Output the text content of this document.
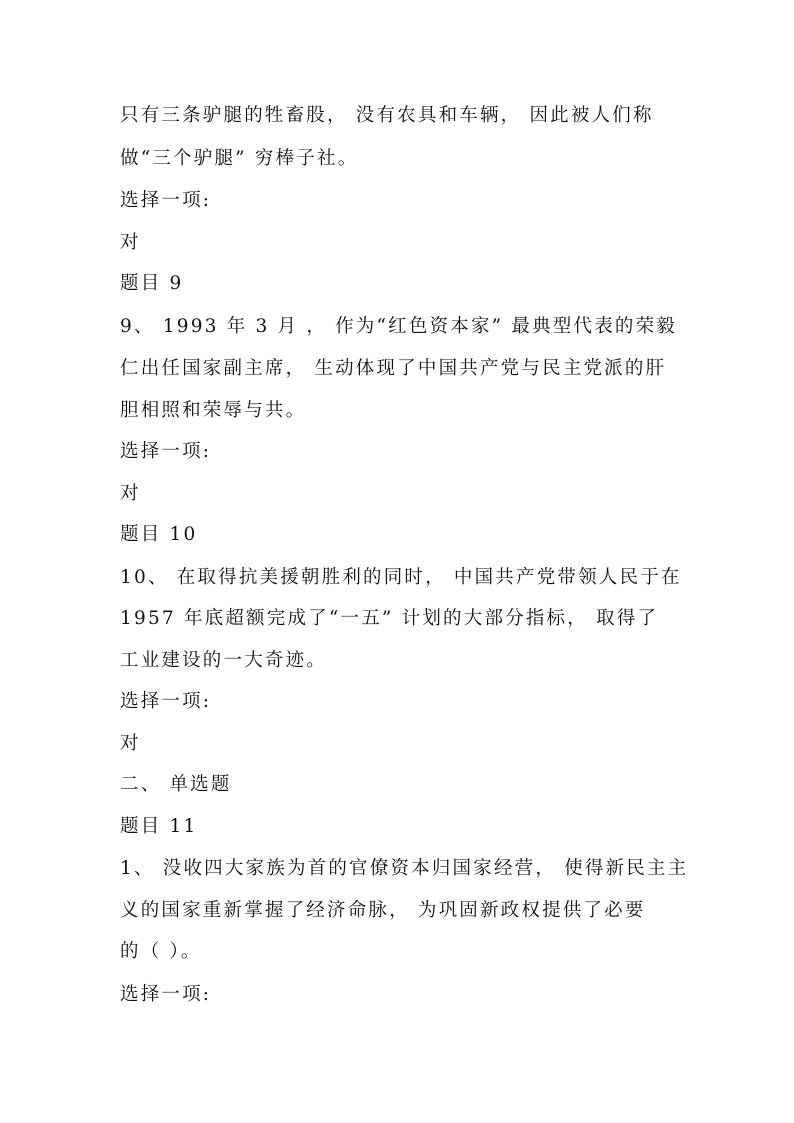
只有三条驴腿的牲畜股， 没有农具和车辆， 因此被人们称
做“三个驴腿” 穷棒子社。
选择一项:
对
题目 9
9、 1993 年 3 月 ， 作为“红色资本家” 最典型代表的荣毅
仁出任国家副主席， 生动体现了中国共产党与民主党派的肝
胆相照和荣辱与共。
选择一项:
对
题目 10
10、 在取得抗美援朝胜利的同时， 中国共产党带领人民于在
1957 年底超额完成了“一五” 计划的大部分指标， 取得了
工业建设的一大奇迹。
选择一项:
对
二、 单选题
题目 11
1、 没收四大家族为首的官僚资本归国家经营， 使得新民主主
义的国家重新掌握了经济命脉， 为巩固新政权提供了必要
的（ ）。
选择一项:
